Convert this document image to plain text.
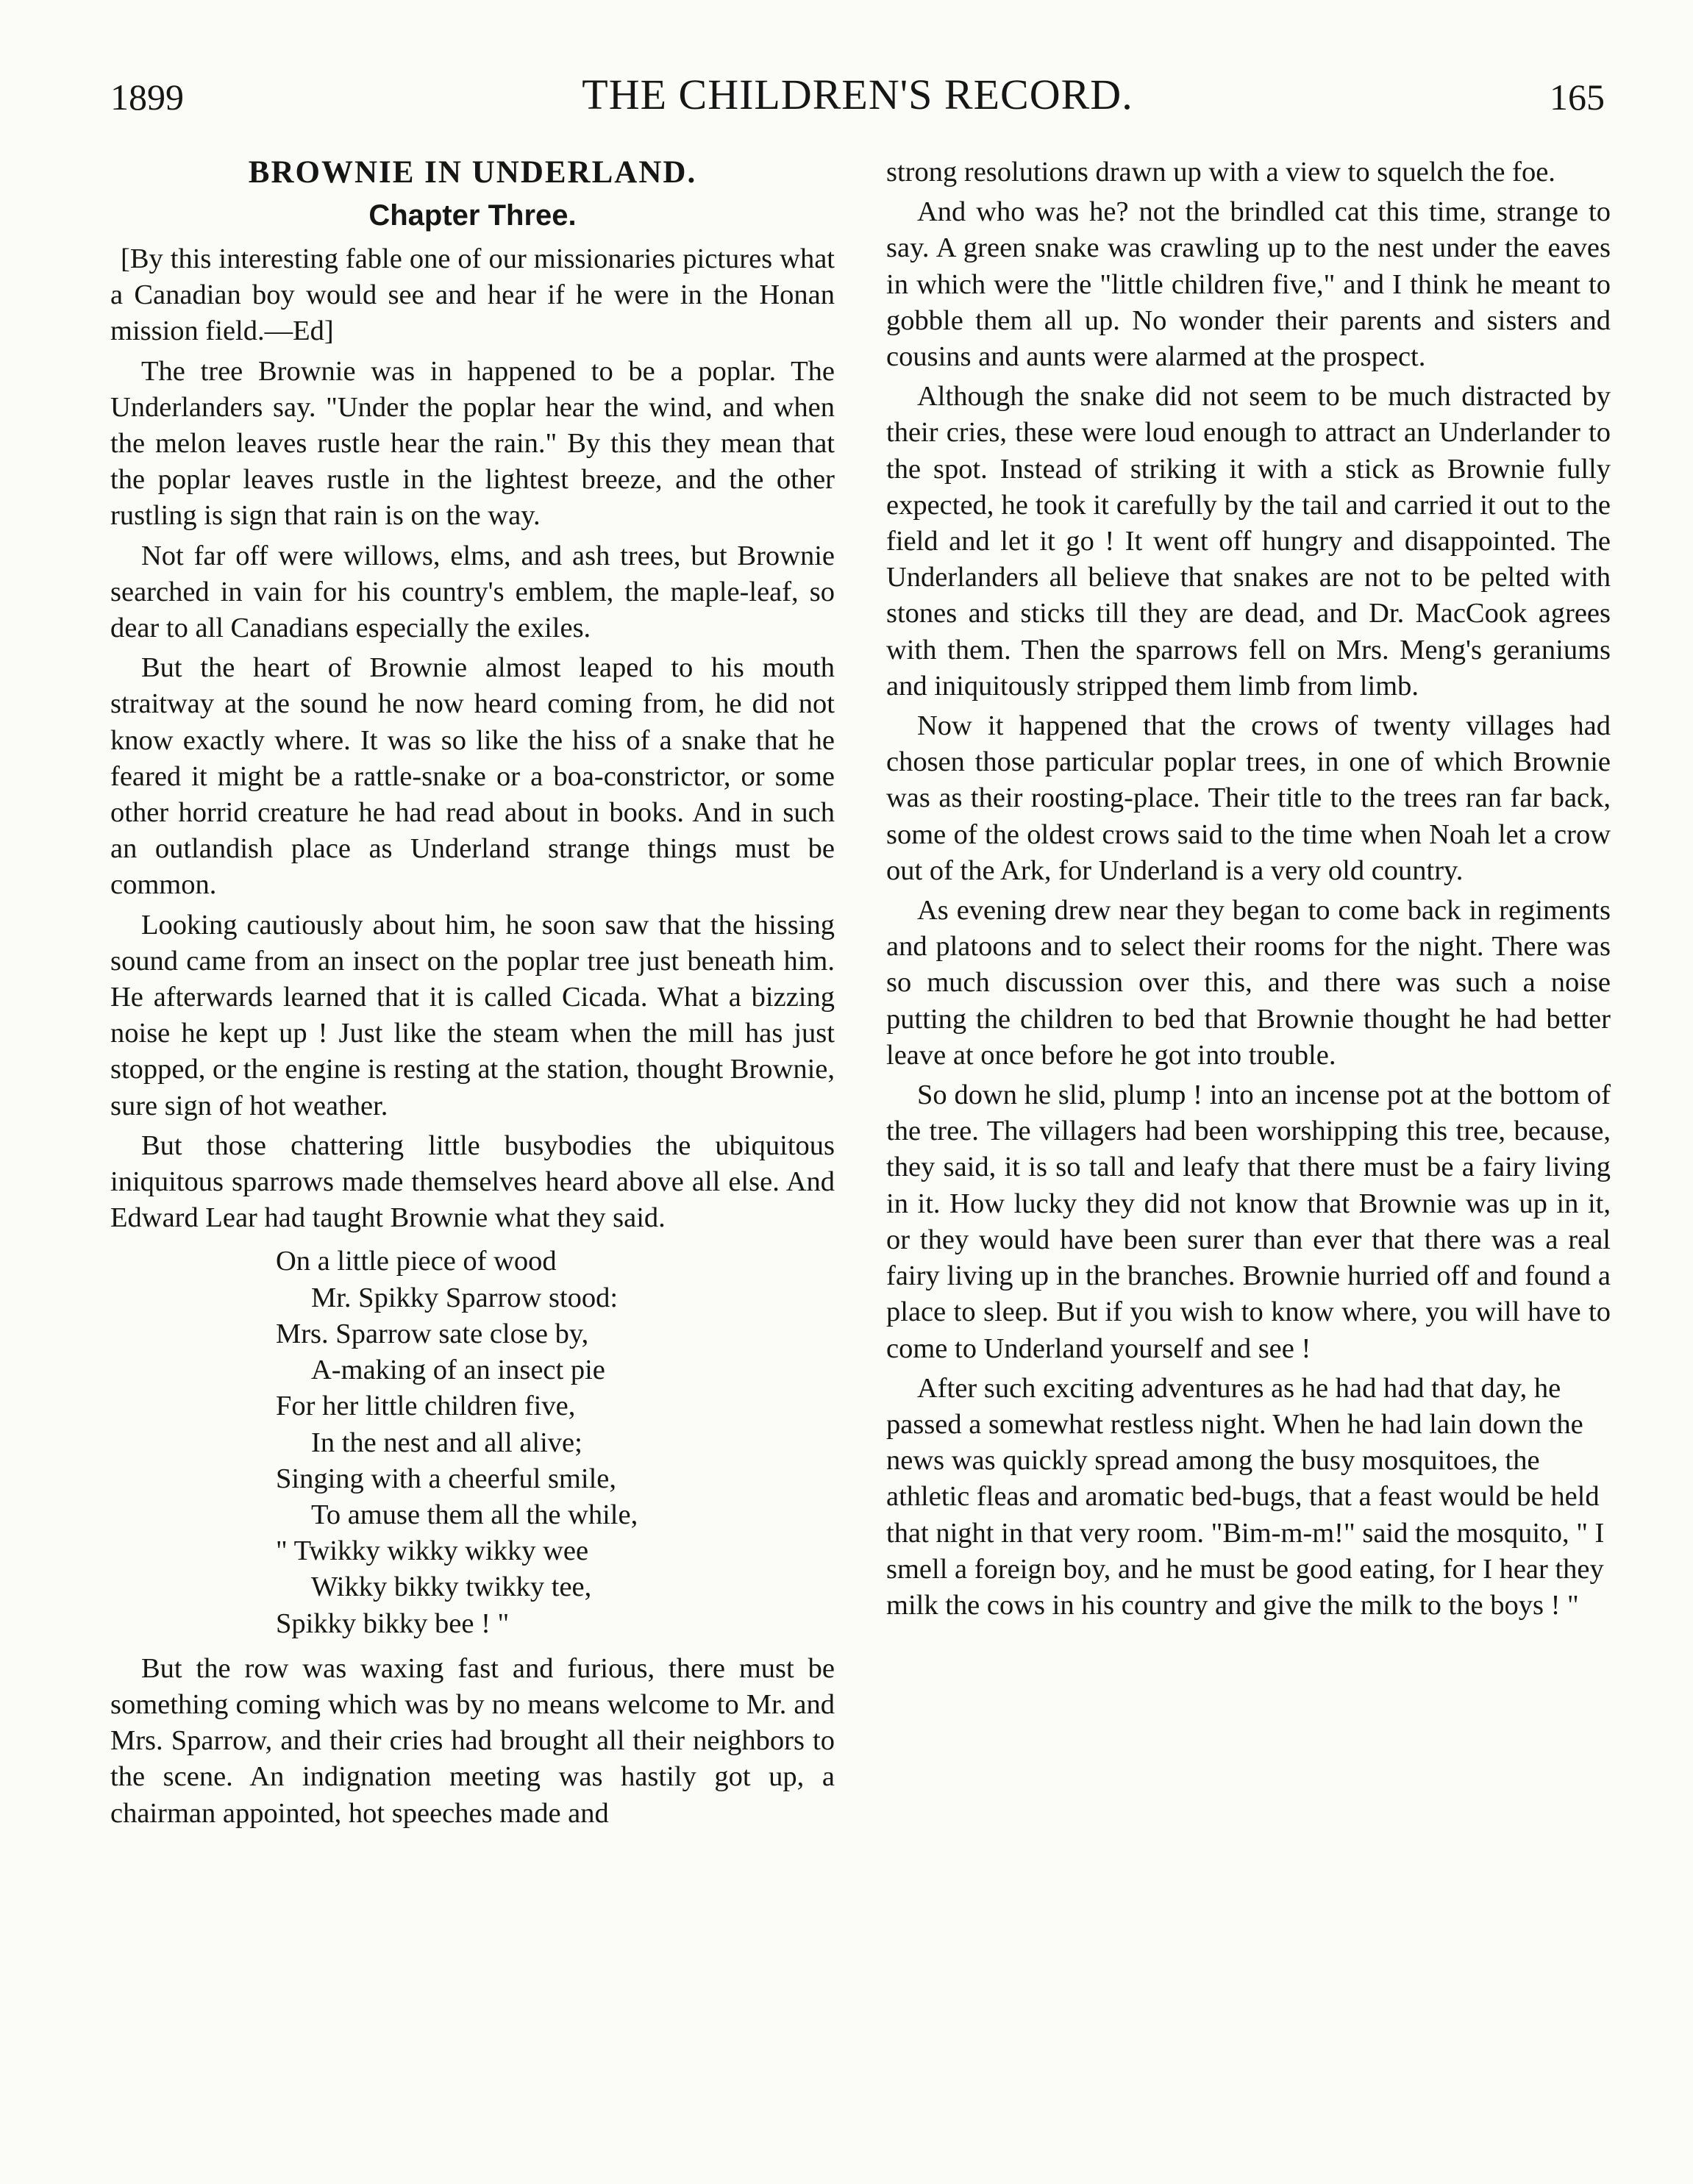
1899	THE CHILDREN'S RECORD.	165
BROWNIE IN UNDERLAND.
Chapter Three.

[By this interesting fable one of our missionaries pictures what a Canadian boy would see and hear if he were in the Honan mission field.—Ed]

The tree Brownie was in happened to be a poplar. The Underlanders say. "Under the poplar hear the wind, and when the melon leaves rustle hear the rain." By this they mean that the poplar leaves rustle in the lightest breeze, and the other rustling is sign that rain is on the way.

Not far off were willows, elms, and ash trees, but Brownie searched in vain for his country's emblem, the maple-leaf, so dear to all Canadians especially the exiles.

But the heart of Brownie almost leaped to his mouth straitway at the sound he now heard coming from, he did not know exactly where. It was so like the hiss of a snake that he feared it might be a rattle-snake or a boa-constrictor, or some other horrid creature he had read about in books. And in such an outlandish place as Underland strange things must be common.

Looking cautiously about him, he soon saw that the hissing sound came from an insect on the poplar tree just beneath him. He afterwards learned that it is called Cicada. What a bizzing noise he kept up ! Just like the steam when the mill has just stopped, or the engine is resting at the station, thought Brownie, sure sign of hot weather.

But those chattering little busybodies the ubiquitous iniquitous sparrows made themselves heard above all else. And Edward Lear had taught Brownie what they said.

On a little piece of wood
Mr. Spikky Sparrow stood:
Mrs. Sparrow sate close by,
A-making of an insect pie
For her little children five,
In the nest and all alive;
Singing with a cheerful smile,
To amuse them all the while,
" Twikky wikky wikky wee
Wikky bikky twikky tee,
Spikky bikky bee ! "

But the row was waxing fast and furious, there must be something coming which was by no means welcome to Mr. and Mrs. Sparrow, and their cries had brought all their neighbors to the scene. An indignation meeting was hastily got up, a chairman appointed, hot speeches made and

strong resolutions drawn up with a view to squelch the foe.

And who was he? not the brindled cat this time, strange to say. A green snake was crawling up to the nest under the eaves in which were the "little children five," and I think he meant to gobble them all up. No wonder their parents and sisters and cousins and aunts were alarmed at the prospect.

Although the snake did not seem to be much distracted by their cries, these were loud enough to attract an Underlander to the spot. Instead of striking it with a stick as Brownie fully expected, he took it carefully by the tail and carried it out to the field and let it go ! It went off hungry and disappointed. The Underlanders all believe that snakes are not to be pelted with stones and sticks till they are dead, and Dr. MacCook agrees with them. Then the sparrows fell on Mrs. Meng's geraniums and iniquitously stripped them limb from limb.

Now it happened that the crows of twenty villages had chosen those particular poplar trees, in one of which Brownie was as their roosting-place. Their title to the trees ran far back, some of the oldest crows said to the time when Noah let a crow out of the Ark, for Underland is a very old country.

As evening drew near they began to come back in regiments and platoons and to select their rooms for the night. There was so much discussion over this, and there was such a noise putting the children to bed that Brownie thought he had better leave at once before he got into trouble.

So down he slid, plump ! into an incense pot at the bottom of the tree. The villagers had been worshipping this tree, because, they said, it is so tall and leafy that there must be a fairy living in it. How lucky they did not know that Brownie was up in it, or they would have been surer than ever that there was a real fairy living up in the branches. Brownie hurried off and found a place to sleep. But if you wish to know where, you will have to come to Underland yourself and see !

After such exciting adventures as he had had that day, he passed a somewhat restless night. When he had lain down the news was quickly spread among the busy mosquitoes, the athletic fleas and aromatic bed-bugs, that a feast would be held that night in that very room. "Bim-m-m!" said the mosquito, " I smell a foreign boy, and he must be good eating, for I hear they milk the cows in his country and give the milk to the boys ! "
